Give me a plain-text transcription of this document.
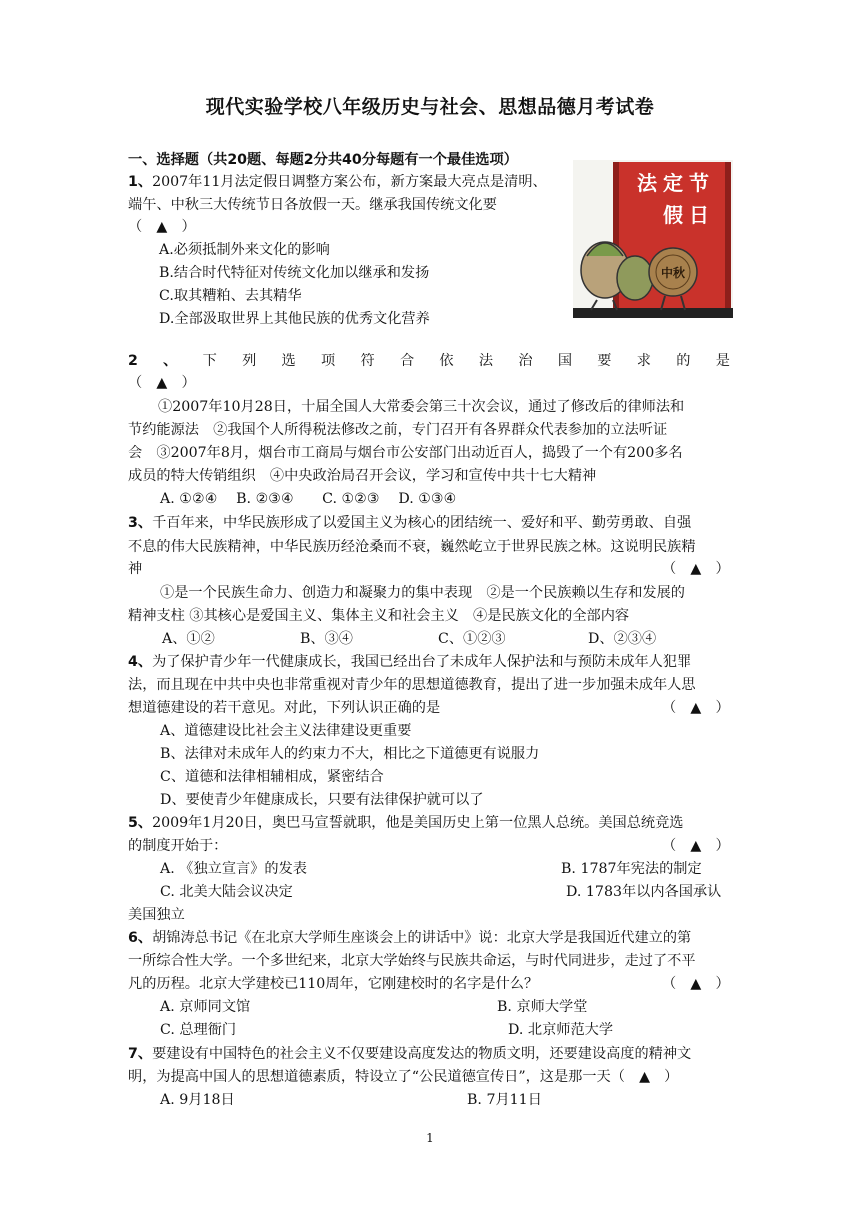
现代实验学校八年级历史与社会、思想品德月考试卷
一、选择题（共20题、每题2分共40分每题有一个最佳选项）
1、2007年11月法定假日调整方案公布，新方案最大亮点是清明、
端午、中秋三大传统节日各放假一天。继承我国传统文化要
（　▲　）
A.必须抵制外来文化的影响
B.结合时代特征对传统文化加以继承和发扬
C.取其糟粕、去其精华
D.全部汲取世界上其他民族的优秀文化营养
法 定 节
假 日
中秋
2 、 下 列 选 项 符 合 依 法 治 国 要 求 的 是
（　▲　）
①2007年10月28日，十届全国人大常委会第三十次会议，通过了修改后的律师法和
节约能源法　②我国个人所得税法修改之前，专门召开有各界群众代表参加的立法听证
会　③2007年8月，烟台市工商局与烟台市公安部门出动近百人，捣毁了一个有200多名
成员的特大传销组织　④中央政治局召开会议，学习和宣传中共十七大精神
A. ①②④　 B. ②③④　　C. ①②③　 D. ①③④
3、千百年来，中华民族形成了以爱国主义为核心的团结统一、爱好和平、勤劳勇敢、自强
不息的伟大民族精神，中华民族历经沧桑而不衰，巍然屹立于世界民族之林。这说明民族精
神	（　▲　）
①是一个民族生命力、创造力和凝聚力的集中表现　②是一个民族赖以生存和发展的
精神支柱 ③其核心是爱国主义、集体主义和社会主义　④是民族文化的全部内容
A、①②	B、③④	C、①②③	D、②③④
4、为了保护青少年一代健康成长，我国已经出台了未成年人保护法和与预防未成年人犯罪
法，而且现在中共中央也非常重视对青少年的思想道德教育，提出了进一步加强未成年人思
想道德建设的若干意见。对此，下列认识正确的是	（　▲　）
A、道德建设比社会主义法律建设更重要
B、法律对未成年人的约束力不大，相比之下道德更有说服力
C、道德和法律相辅相成，紧密结合
D、要使青少年健康成长，只要有法律保护就可以了
5、2009年1月20日，奥巴马宣誓就职，他是美国历史上第一位黑人总统。美国总统竞选
的制度开始于：	（　▲　）
A. 《独立宣言》的发表	B. 1787年宪法的制定
C. 北美大陆会议决定	D. 1783年以内各国承认
美国独立
6、胡锦涛总书记《在北京大学师生座谈会上的讲话中》说：北京大学是我国近代建立的第
一所综合性大学。一个多世纪来，北京大学始终与民族共命运，与时代同进步，走过了不平
凡的历程。北京大学建校已110周年，它刚建校时的名字是什么？	（　▲　）
A. 京师同文馆	B. 京师大学堂
C. 总理衙门	D. 北京师范大学
7、要建设有中国特色的社会主义不仅要建设高度发达的物质文明，还要建设高度的精神文
明，为提高中国人的思想道德素质，特设立了“公民道德宣传日”，这是那一天（　▲　）
A. 9月18日	B. 7月11日
1
